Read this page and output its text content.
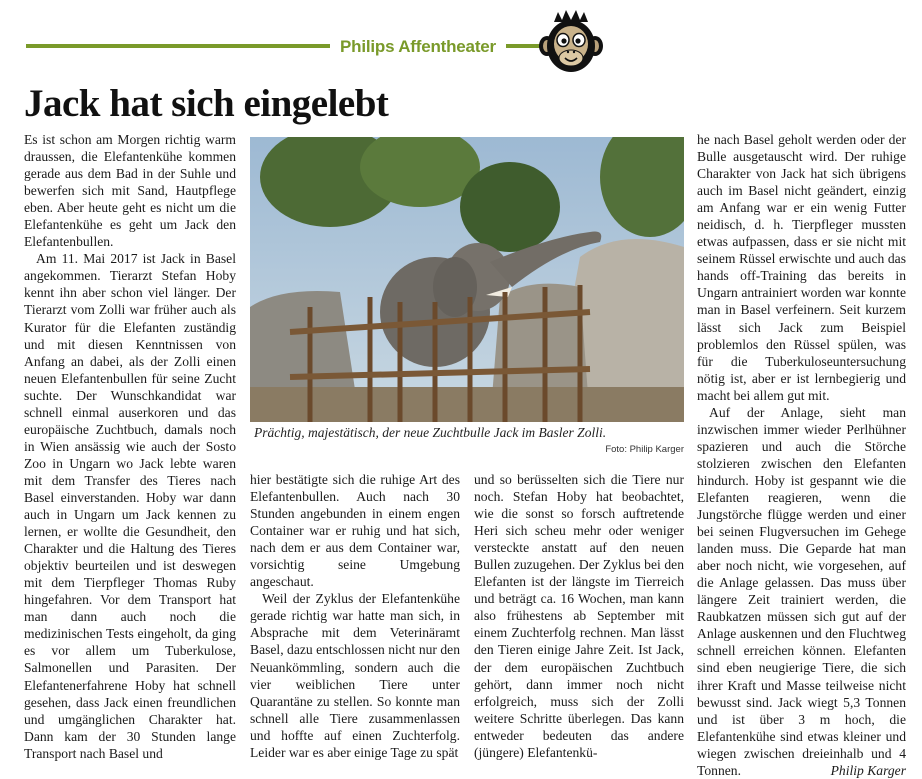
Philips Affentheater
Jack hat sich eingelebt

Es ist schon am Morgen richtig warm draussen, die Elefantenkühe kommen gerade aus dem Bad in der Suhle und bewerfen sich mit Sand, Hautpflege eben. Aber heute geht es nicht um die Elefantenkühe es geht um Jack den Elefantenbullen.

Am 11. Mai 2017 ist Jack in Basel angekommen. Tierarzt Stefan Hoby kennt ihn aber schon viel länger. Der Tierarzt vom Zolli war früher auch als Kurator für die Elefanten zuständig und mit diesen Kenntnissen von Anfang an dabei, als der Zolli einen neuen Elefantenbullen für seine Zucht suchte. Der Wunschkandidat war schnell einmal auserkoren und das europäische Zuchtbuch, damals noch in Wien ansässig wie auch der Sosto Zoo in Ungarn wo Jack lebte waren mit dem Transfer des Tieres nach Basel einverstanden. Hoby war dann auch in Ungarn um Jack kennen zu lernen, er wollte die Gesundheit, den Charakter und die Haltung des Tieres objektiv beurteilen und ist deswegen mit dem Tierpfleger Thomas Ruby hingefahren. Vor dem Transport hat man dann auch noch die medizinischen Tests eingeholt, da ging es vor allem um Tuberkulose, Salmonellen und Parasiten. Der Elefantenerfahrene Hoby hat schnell gesehen, dass Jack einen freundlichen und umgänglichen Charakter hat. Dann kam der 30 Stunden lange Transport nach Basel und

Prächtig, majestätisch, der neue Zuchtbulle Jack im Basler Zolli.
Foto: Philip Karger

hier bestätigte sich die ruhige Art des Elefantenbullen. Auch nach 30 Stunden angebunden in einem engen Container war er ruhig und hat sich, nach dem er aus dem Container war, vorsichtig seine Umgebung angeschaut.

Weil der Zyklus der Elefantenkühe gerade richtig war hatte man sich, in Absprache mit dem Veterinäramt Basel, dazu entschlossen nicht nur den Neuankömmling, sondern auch die vier weiblichen Tiere unter Quarantäne zu stellen. So konnte man schnell alle Tiere zusammenlassen und hoffte auf einen Zuchterfolg. Leider war es aber einige Tage zu spät

und so berüsselten sich die Tiere nur noch. Stefan Hoby hat beobachtet, wie die sonst so forsch auftretende Heri sich scheu mehr oder weniger versteckte anstatt auf den neuen Bullen zuzugehen. Der Zyklus bei den Elefanten ist der längste im Tierreich und beträgt ca. 16 Wochen, man kann also frühestens ab September mit einem Zuchterfolg rechnen. Man lässt den Tieren einige Jahre Zeit. Ist Jack, der dem europäischen Zuchtbuch gehört, dann immer noch nicht erfolgreich, muss sich der Zolli weitere Schritte überlegen. Das kann entweder bedeuten das andere (jüngere) Elefantenkü-

he nach Basel geholt werden oder der Bulle ausgetauscht wird. Der ruhige Charakter von Jack hat sich übrigens auch im Basel nicht geändert, einzig am Anfang war er ein wenig Futter neidisch, d. h. Tierpfleger mussten etwas aufpassen, dass er sie nicht mit seinem Rüssel erwischte und auch das hands off-Training das bereits in Ungarn antrainiert worden war konnte man in Basel verfeinern. Seit kurzem lässt sich Jack zum Beispiel problemlos den Rüssel spülen, was für die Tuberkuloseuntersuchung nötig ist, aber er ist lernbegierig und macht bei allem gut mit.

Auf der Anlage, sieht man inzwischen immer wieder Perlhühner spazieren und auch die Störche stolzieren zwischen den Elefanten hindurch. Hoby ist gespannt wie die Elefanten reagieren, wenn die Jungstörche flügge werden und einer bei seinen Flugversuchen im Gehege landen muss. Die Geparde hat man aber noch nicht, wie vorgesehen, auf die Anlage gelassen. Das muss über längere Zeit trainiert werden, die Raubkatzen müssen sich gut auf der Anlage auskennen und den Fluchtweg schnell erreichen können. Elefanten sind eben neugierige Tiere, die sich ihrer Kraft und Masse teilweise nicht bewusst sind. Jack wiegt 5,3 Tonnen und ist über 3 m hoch, die Elefantenkühe sind etwas kleiner und wiegen zwischen dreieinhalb und 4 Tonnen.	Philip Karger
